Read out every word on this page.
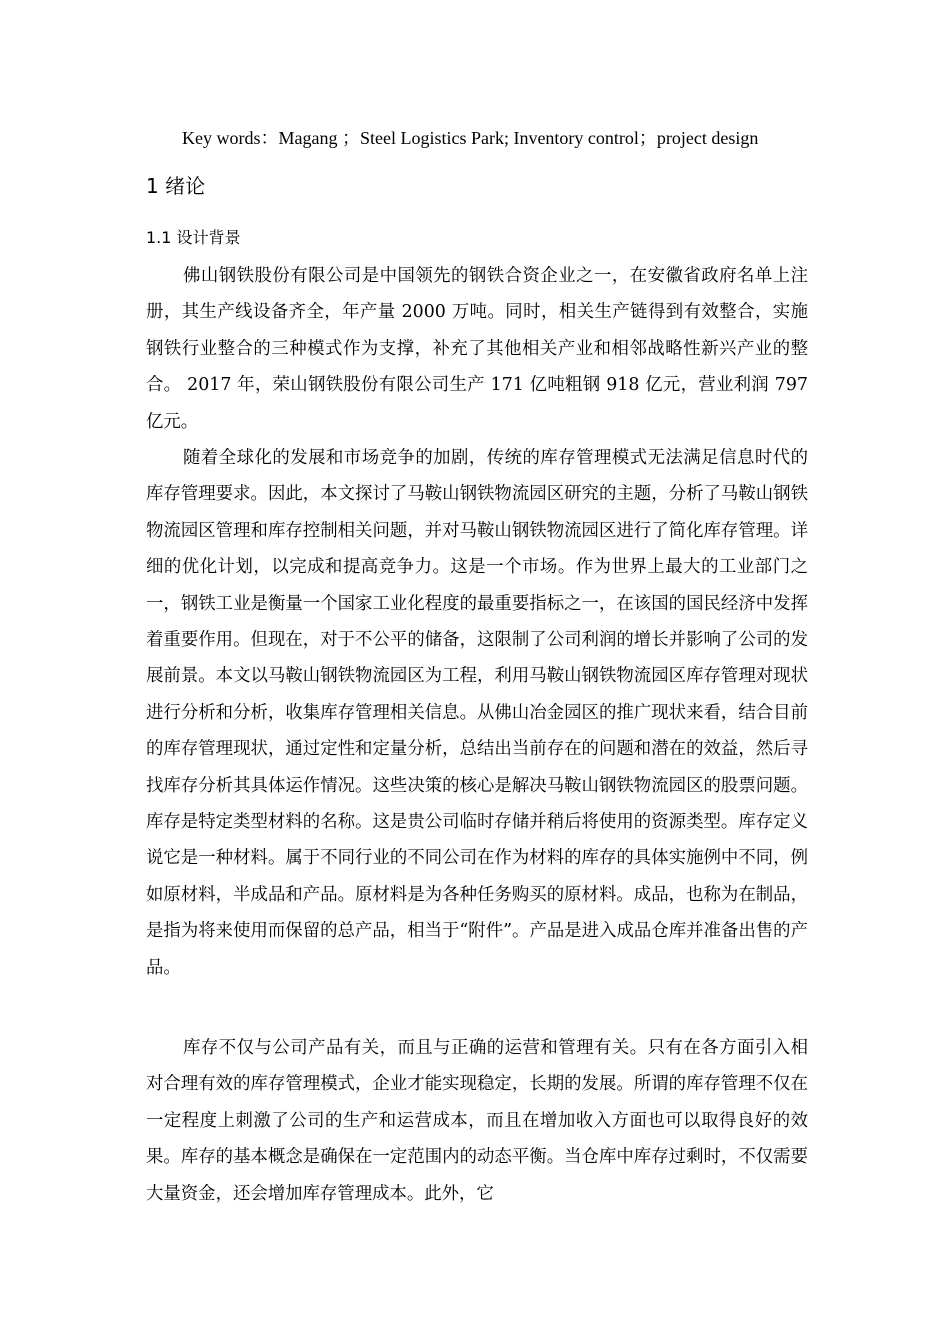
Key words：Magang ；Steel Logistics Park; Inventory control；project design
1 绪论
1.1 设计背景

佛山钢铁股份有限公司是中国领先的钢铁合资企业之一，在安徽省政府名单上注册，其生产线设备齐全，年产量 2000 万吨。同时，相关生产链得到有效整合，实施钢铁行业整合的三种模式作为支撑，补充了其他相关产业和相邻战略性新兴产业的整合。 2017 年，荣山钢铁股份有限公司生产 171 亿吨粗钢 918 亿元，营业利润 797 亿元。

随着全球化的发展和市场竞争的加剧，传统的库存管理模式无法满足信息时代的库存管理要求。因此，本文探讨了马鞍山钢铁物流园区研究的主题，分析了马鞍山钢铁物流园区管理和库存控制相关问题，并对马鞍山钢铁物流园区进行了简化库存管理。详细的优化计划，以完成和提高竞争力。这是一个市场。作为世界上最大的工业部门之一，钢铁工业是衡量一个国家工业化程度的最重要指标之一，在该国的国民经济中发挥着重要作用。但现在，对于不公平的储备，这限制了公司利润的增长并影响了公司的发展前景。本文以马鞍山钢铁物流园区为工程，利用马鞍山钢铁物流园区库存管理对现状进行分析和分析，收集库存管理相关信息。从佛山冶金园区的推广现状来看，结合目前的库存管理现状，通过定性和定量分析，总结出当前存在的问题和潜在的效益，然后寻找库存分析其具体运作情况。这些决策的核心是解决马鞍山钢铁物流园区的股票问题。库存是特定类型材料的名称。这是贵公司临时存储并稍后将使用的资源类型。库存定义说它是一种材料。属于不同行业的不同公司在作为材料的库存的具体实施例中不同，例如原材料，半成品和产品。原材料是为各种任务购买的原材料。成品，也称为在制品，是指为将来使用而保留的总产品，相当于“附件”。产品是进入成品仓库并准备出售的产品。

库存不仅与公司产品有关，而且与正确的运营和管理有关。只有在各方面引入相对合理有效的库存管理模式，企业才能实现稳定，长期的发展。所谓的库存管理不仅在一定程度上刺激了公司的生产和运营成本，而且在增加收入方面也可以取得良好的效果。库存的基本概念是确保在一定范围内的动态平衡。当仓库中库存过剩时，不仅需要大量资金，还会增加库存管理成本。此外，它
